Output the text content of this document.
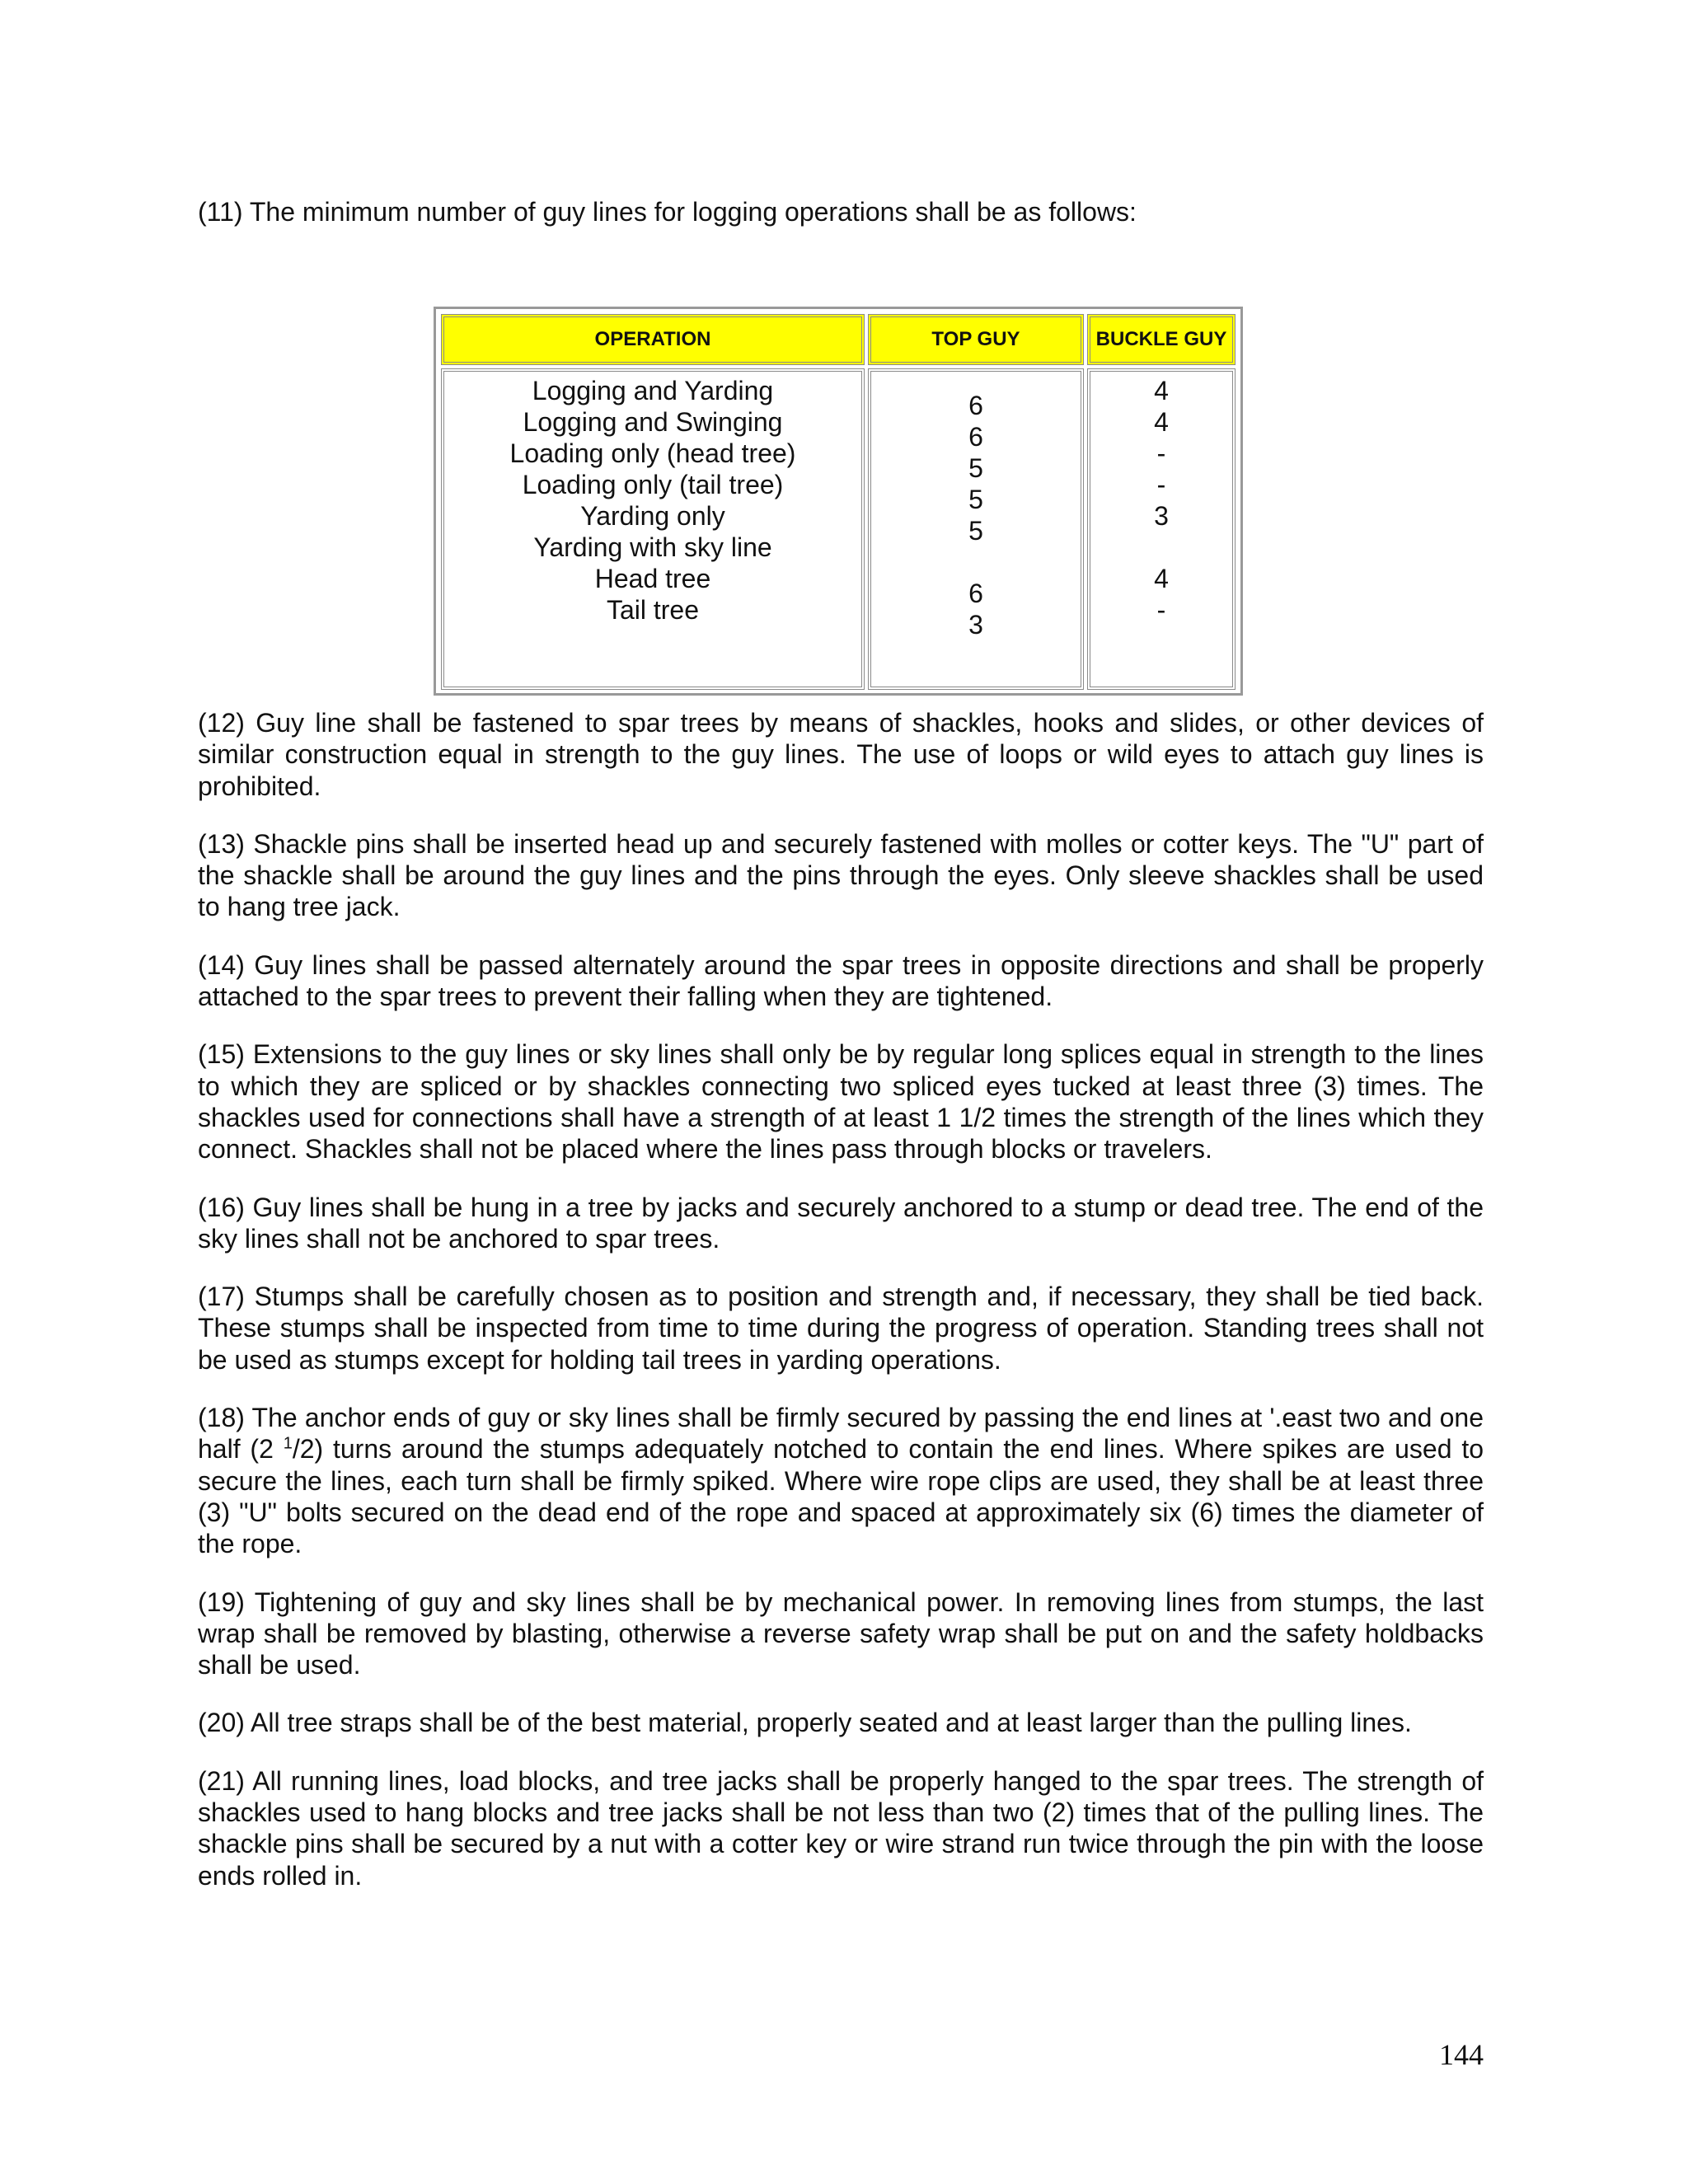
(11) The minimum number of guy lines for logging operations shall be as follows:

OPERATION	TOP GUY	BUCKLE GUY
Logging and Yarding
Logging and Swinging
Loading only (head tree)
Loading only (tail tree)
Yarding only
Yarding with sky line
Head tree
Tail tree
6
6
5
5
5
6
3
4
4
-
-
3
4
-

(12) Guy line shall be fastened to spar trees by means of shackles, hooks and slides, or other devices of similar construction equal in strength to the guy lines. The use of loops or wild eyes to attach guy lines is prohibited.

(13) Shackle pins shall be inserted head up and securely fastened with molles or cotter keys. The "U" part of the shackle shall be around the guy lines and the pins through the eyes. Only sleeve shackles shall be used to hang tree jack.

(14) Guy lines shall be passed alternately around the spar trees in opposite directions and shall be properly attached to the spar trees to prevent their falling when they are tightened.

(15) Extensions to the guy lines or sky lines shall only be by regular long splices equal in strength to the lines to which they are spliced or by shackles connecting two spliced eyes tucked at least three (3) times. The shackles used for connections shall have a strength of at least 1 1/2 times the strength of the lines which they connect. Shackles shall not be placed where the lines pass through blocks or travelers.

(16) Guy lines shall be hung in a tree by jacks and securely anchored to a stump or dead tree. The end of the sky lines shall not be anchored to spar trees.

(17) Stumps shall be carefully chosen as to position and strength and, if necessary, they shall be tied back. These stumps shall be inspected from time to time during the progress of operation. Standing trees shall not be used as stumps except for holding tail trees in yarding operations.

(18) The anchor ends of guy or sky lines shall be firmly secured by passing the end lines at '.east two and one half (2 $^1$/2) turns around the stumps adequately notched to contain the end lines. Where spikes are used to secure the lines, each turn shall be firmly spiked. Where wire rope clips are used, they shall be at least three (3) "U" bolts secured on the dead end of the rope and spaced at approximately six (6) times the diameter of the rope.

(19) Tightening of guy and sky lines shall be by mechanical power. In removing lines from stumps, the last wrap shall be removed by blasting, otherwise a reverse safety wrap shall be put on and the safety holdbacks shall be used.

(20) All tree straps shall be of the best material, properly seated and at least larger than the pulling lines.

(21) All running lines, load blocks, and tree jacks shall be properly hanged to the spar trees. The strength of shackles used to hang blocks and tree jacks shall be not less than two (2) times that of the pulling lines. The shackle pins shall be secured by a nut with a cotter key or wire strand run twice through the pin with the loose ends rolled in.

144
